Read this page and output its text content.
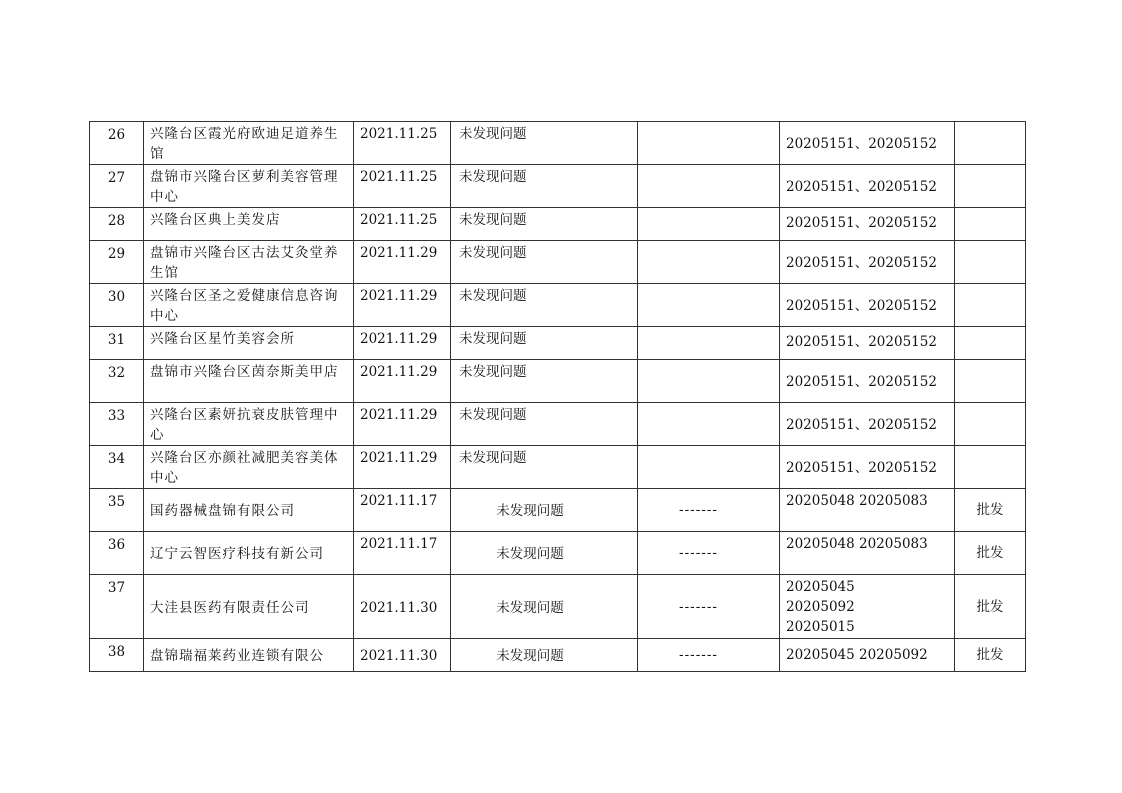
26	兴隆台区霞光府欧迪足道养生馆	2021.11.25	未发现问题		20205151、20205152	

27	盘锦市兴隆台区萝利美容管理中心	2021.11.25	未发现问题		20205151、20205152	

28	兴隆台区典上美发店	2021.11.25	未发现问题		20205151、20205152	

29	盘锦市兴隆台区古法艾灸堂养生馆	2021.11.29	未发现问题		20205151、20205152	

30	兴隆台区圣之爱健康信息咨询中心	2021.11.29	未发现问题		20205151、20205152	

31	兴隆台区星竹美容会所	2021.11.29	未发现问题		20205151、20205152	

32	盘锦市兴隆台区茵奈斯美甲店	2021.11.29	未发现问题		20205151、20205152	

33	兴隆台区素妍抗衰皮肤管理中心	2021.11.29	未发现问题		20205151、20205152	

34	兴隆台区亦颜社减肥美容美体中心	2021.11.29	未发现问题		20205151、20205152	

35	国药器械盘锦有限公司	2021.11.17	未发现问题	-------	20205048 20205083	批发

36	辽宁云智医疗科技有新公司	2021.11.17	未发现问题	-------	20205048 20205083	批发

37	大洼县医药有限责任公司	2021.11.30	未发现问题	-------	20205045 20205092 20205015	批发

38	盘锦瑞福莱药业连锁有限公	2021.11.30	未发现问题	-------	20205045 20205092	批发
